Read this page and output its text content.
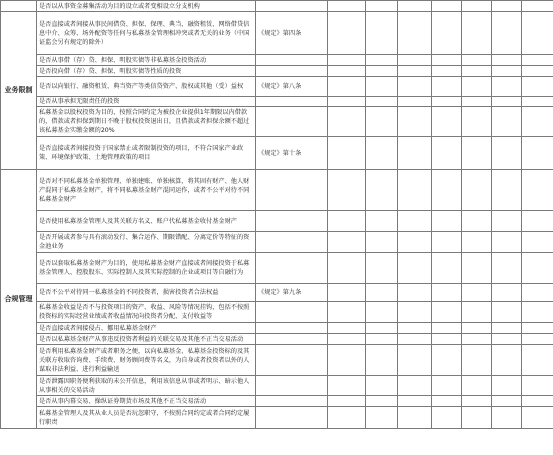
	是否以从事资金募集活动为目的设立或者变相设立分支机构								
业务限制	是否直接或者间接从事民间借贷、担保、保理、典当、融资租赁、网络借贷信息中介、众筹、场外配资等任何与私募基金管理相冲突或者无关的业务（中国证监会另有规定的除外）	《规定》第四条							
	是否从事借（存）贷、担保、明股实债等非私募基金投资活动								
	是否投向借（存）贷、担保、明股实债等性质的投资								
	是否以向银行、融资租赁、典当资产等类信贷资产、股权或其他（受）益权	《规定》第八条							
	是否从事承担无限责任的投资								
	私募基金以股权投资为目的，按照合同约定为被投企业提供1年期限以内借款的，借款或者担保到期日不晚于股权投资退出日，且借款或者担保余额不超过该私募基金实缴金额的20%								
	是否直接或者间接投资于国家禁止或者限制投资的项目，不符合国家产业政策、环境保护政策、土地管理政策的项目	《规定》第十条							
合规管理	是否对不同私募基金单独管理、单独建账、单独核算，将其固有财产、他人财产混同于私募基金财产，将不同私募基金财产混同运作，或者不公平对待不同私募基金财产								
	是否使用私募基金管理人及其关联方名义、账户代私募基金收付基金财产								
	是否开展或者参与具有滚动发行、集合运作、期限错配、分离定价等特征的资金池业务								
	是否以套取私募基金财产为目的，使用私募基金财产直接或者间接投资于私募基金管理人、控股股东、实际控制人及其实际控制的企业或项目等自融行为								
	是否不公平对待同一私募基金的不同投资者，损害投资者合法权益	《规定》第九条							
	私募基金收益是否不与投资项目的资产、收益、风险等情况挂钩，包括不按照投资标的实际经营业绩或者收益情况向投资者分配、支付收益等								
	是否直接或者间接侵占、挪用私募基金财产								
	是否以私募基金财产从事违反投资者利益的关联交易及其他不正当交易活动								
	是否利用私募基金财产或者职务之便，以向私募基金、私募基金投资标的及其关联方收取咨询费、手续费、财务顾问费等名义，为自身或者投资者以外的人谋取非法利益、进行利益输送								
	是否泄露因职务便利获取的未公开信息，利用该信息从事或者明示、暗示他人从事相关的交易活动								
	是否从事内幕交易、操纵证券期货市场及其他不正当交易活动								
	私募基金管理人及其从业人员是否玩忽职守，不按照合同约定或者合同约定履行职责								
